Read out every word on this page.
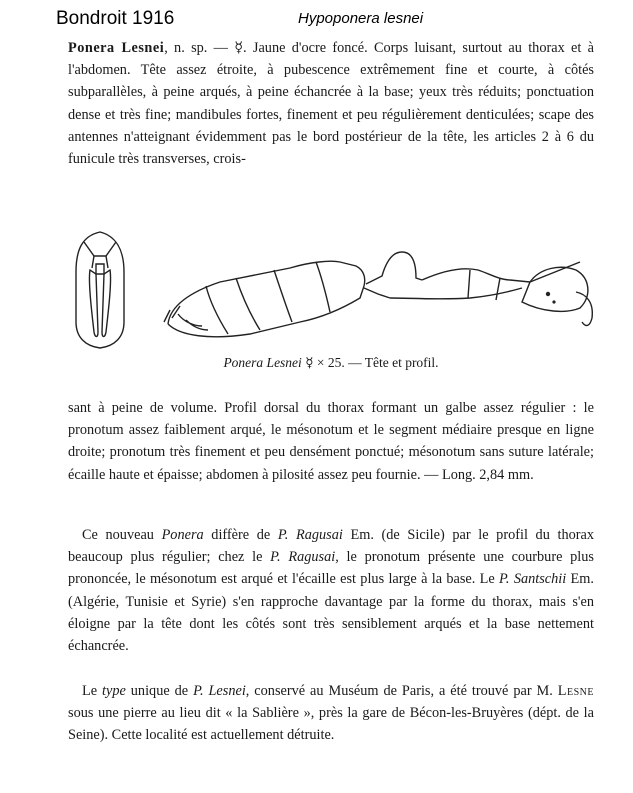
Bondroit 1916	Hypoponera lesnei

Ponera Lesnei, n. sp. — ☿. Jaune d'ocre foncé. Corps luisant, surtout au thorax et à l'abdomen. Tête assez étroite, à pubescence extrêmement fine et courte, à côtés subparallèles, à peine arqués, à peine échancrée à la base; yeux très réduits; ponctuation dense et très fine; mandibules fortes, finement et peu régulièrement denticulées; scape des antennes n'atteignant évidemment pas le bord postérieur de la tête, les articles 2 à 6 du funicule très transverses, crois-

Ponera Lesnei ☿ × 25. — Tête et profil.

sant à peine de volume. Profil dorsal du thorax formant un galbe assez régulier : le pronotum assez faiblement arqué, le mésonotum et le segment médiaire presque en ligne droite; pronotum très finement et peu densément ponctué; mésonotum sans suture latérale; écaille haute et épaisse; abdomen à pilosité assez peu fournie. — Long. 2,84 mm.

Ce nouveau Ponera diffère de P. Ragusai Em. (de Sicile) par le profil du thorax beaucoup plus régulier; chez le P. Ragusai, le pronotum présente une courbure plus prononcée, le mésonotum est arqué et l'écaille est plus large à la base. Le P. Santschii Em. (Algérie, Tunisie et Syrie) s'en rapproche davantage par la forme du thorax, mais s'en éloigne par la tête dont les côtés sont très sensiblement arqués et la base nettement échancrée.

Le type unique de P. Lesnei, conservé au Muséum de Paris, a été trouvé par M. Lesne sous une pierre au lieu dit « la Sablière », près la gare de Bécon-les-Bruyères (dépt. de la Seine). Cette localité est actuellement détruite.
